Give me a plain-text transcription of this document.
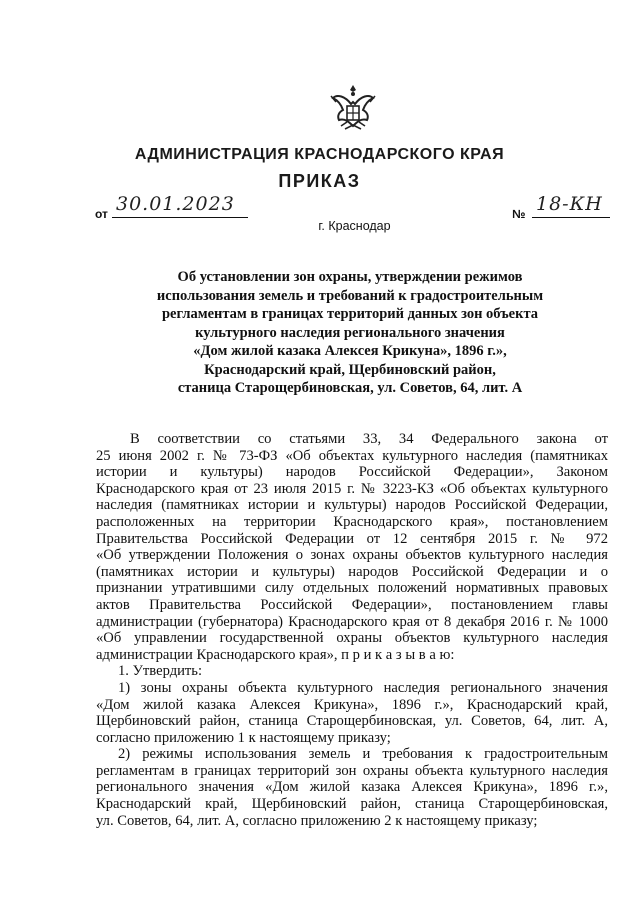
АДМИНИСТРАЦИЯ КРАСНОДАРСКОГО КРАЯ
ПРИКАЗ
от 30.01.2023	№ 18-КН
г. Краснодар
Об установлении зон охраны, утверждении режимов
использования земель и требований к градостроительным
регламентам в границах территорий данных зон объекта
культурного наследия регионального значения
«Дом жилой казака Алексея Крикуна», 1896 г.»,
Краснодарский край, Щербиновский район,
станица Старощербиновская, ул. Советов, 64, лит. А
В соответствии со статьями 33, 34 Федерального закона от
25 июня 2002 г. № 73-ФЗ «Об объектах культурного наследия (памятниках
истории и культуры) народов Российской Федерации», Законом
Краснодарского края от 23 июля 2015 г. № 3223-КЗ «Об объектах культурного
наследия (памятниках истории и культуры) народов Российской Федерации,
расположенных на территории Краснодарского края», постановлением
Правительства Российской Федерации от 12 сентября 2015 г. № 972
«Об утверждении Положения о зонах охраны объектов культурного наследия
(памятниках истории и культуры) народов Российской Федерации и о
признании утратившими силу отдельных положений нормативных правовых
актов Правительства Российской Федерации», постановлением главы
администрации (губернатора) Краснодарского края от 8 декабря 2016 г. № 1000
«Об управлении государственной охраны объектов культурного наследия
администрации Краснодарского края», п р и к а з ы в а ю:
1. Утвердить:
1) зоны охраны объекта культурного наследия регионального значения
«Дом жилой казака Алексея Крикуна», 1896 г.», Краснодарский край,
Щербиновский район, станица Старощербиновская, ул. Советов, 64, лит. А,
согласно приложению 1 к настоящему приказу;
2) режимы использования земель и требования к градостроительным
регламентам в границах территорий зон охраны объекта культурного наследия
регионального значения «Дом жилой казака Алексея Крикуна», 1896 г.»,
Краснодарский край, Щербиновский район, станица Старощербиновская,
ул. Советов, 64, лит. А, согласно приложению 2 к настоящему приказу;
